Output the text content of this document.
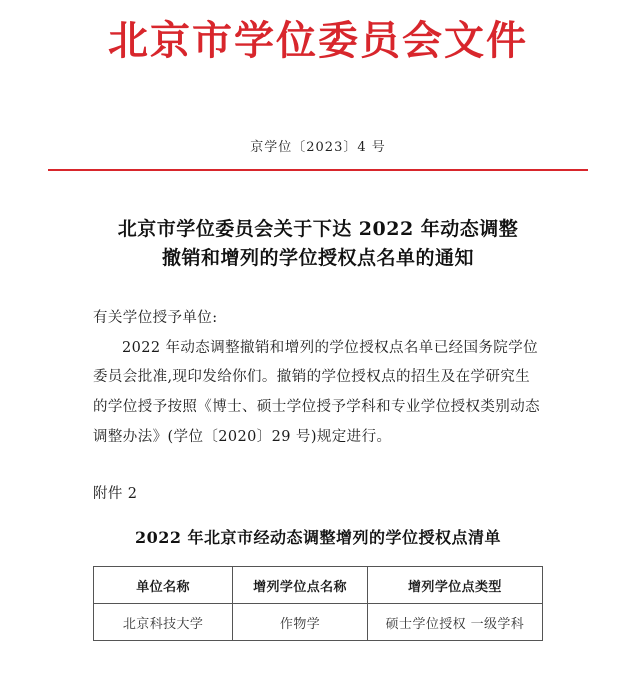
北京市学位委员会文件
京学位〔2023〕4 号
北京市学位委员会关于下达 2022 年动态调整
撤销和增列的学位授权点名单的通知

有关学位授予单位:

2022 年动态调整撤销和增列的学位授权点名单已经国务院学位委员会批准,现印发给你们。撤销的学位授权点的招生及在学研究生的学位授予按照《博士、硕士学位授予学科和专业学位授权类别动态调整办法》(学位〔2020〕29 号)规定进行。

附件 2
2022 年北京市经动态调整增列的学位授权点清单
单位名称	增列学位点名称	增列学位点类型
北京科技大学	作物学	硕士学位授权 一级学科
